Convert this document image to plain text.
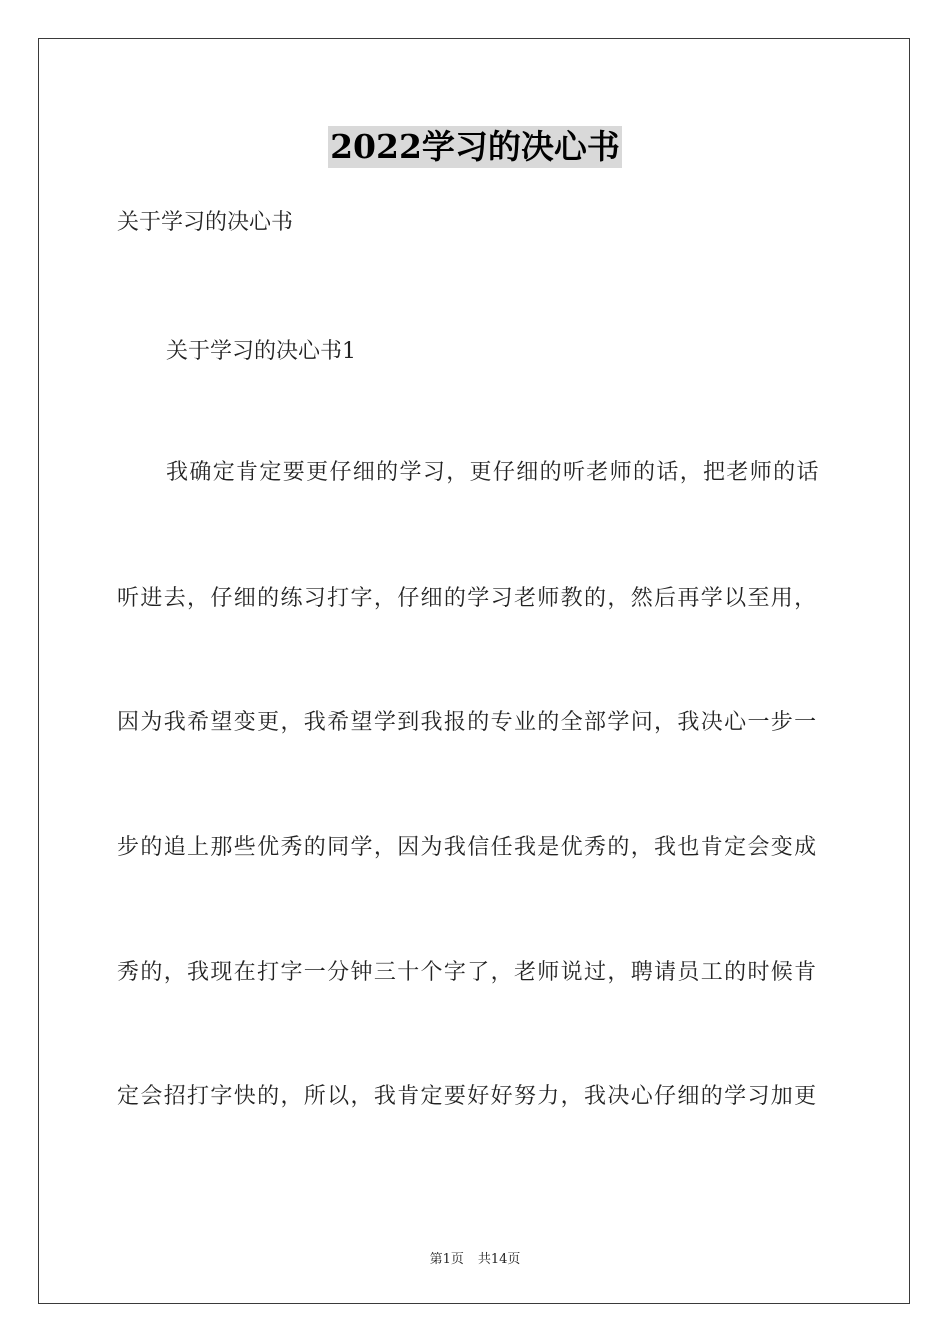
2022学习的决心书
关于学习的决心书
关于学习的决心书1
我确定肯定要更仔细的学习，更仔细的听老师的话，把老师的话
听进去，仔细的练习打字，仔细的学习老师教的，然后再学以至用，
因为我希望变更，我希望学到我报的专业的全部学问，我决心一步一
步的追上那些优秀的同学，因为我信任我是优秀的，我也肯定会变成
秀的，我现在打字一分钟三十个字了，老师说过，聘请员工的时候肯
定会招打字快的，所以，我肯定要好好努力，我决心仔细的学习加更
第1页 共14页
